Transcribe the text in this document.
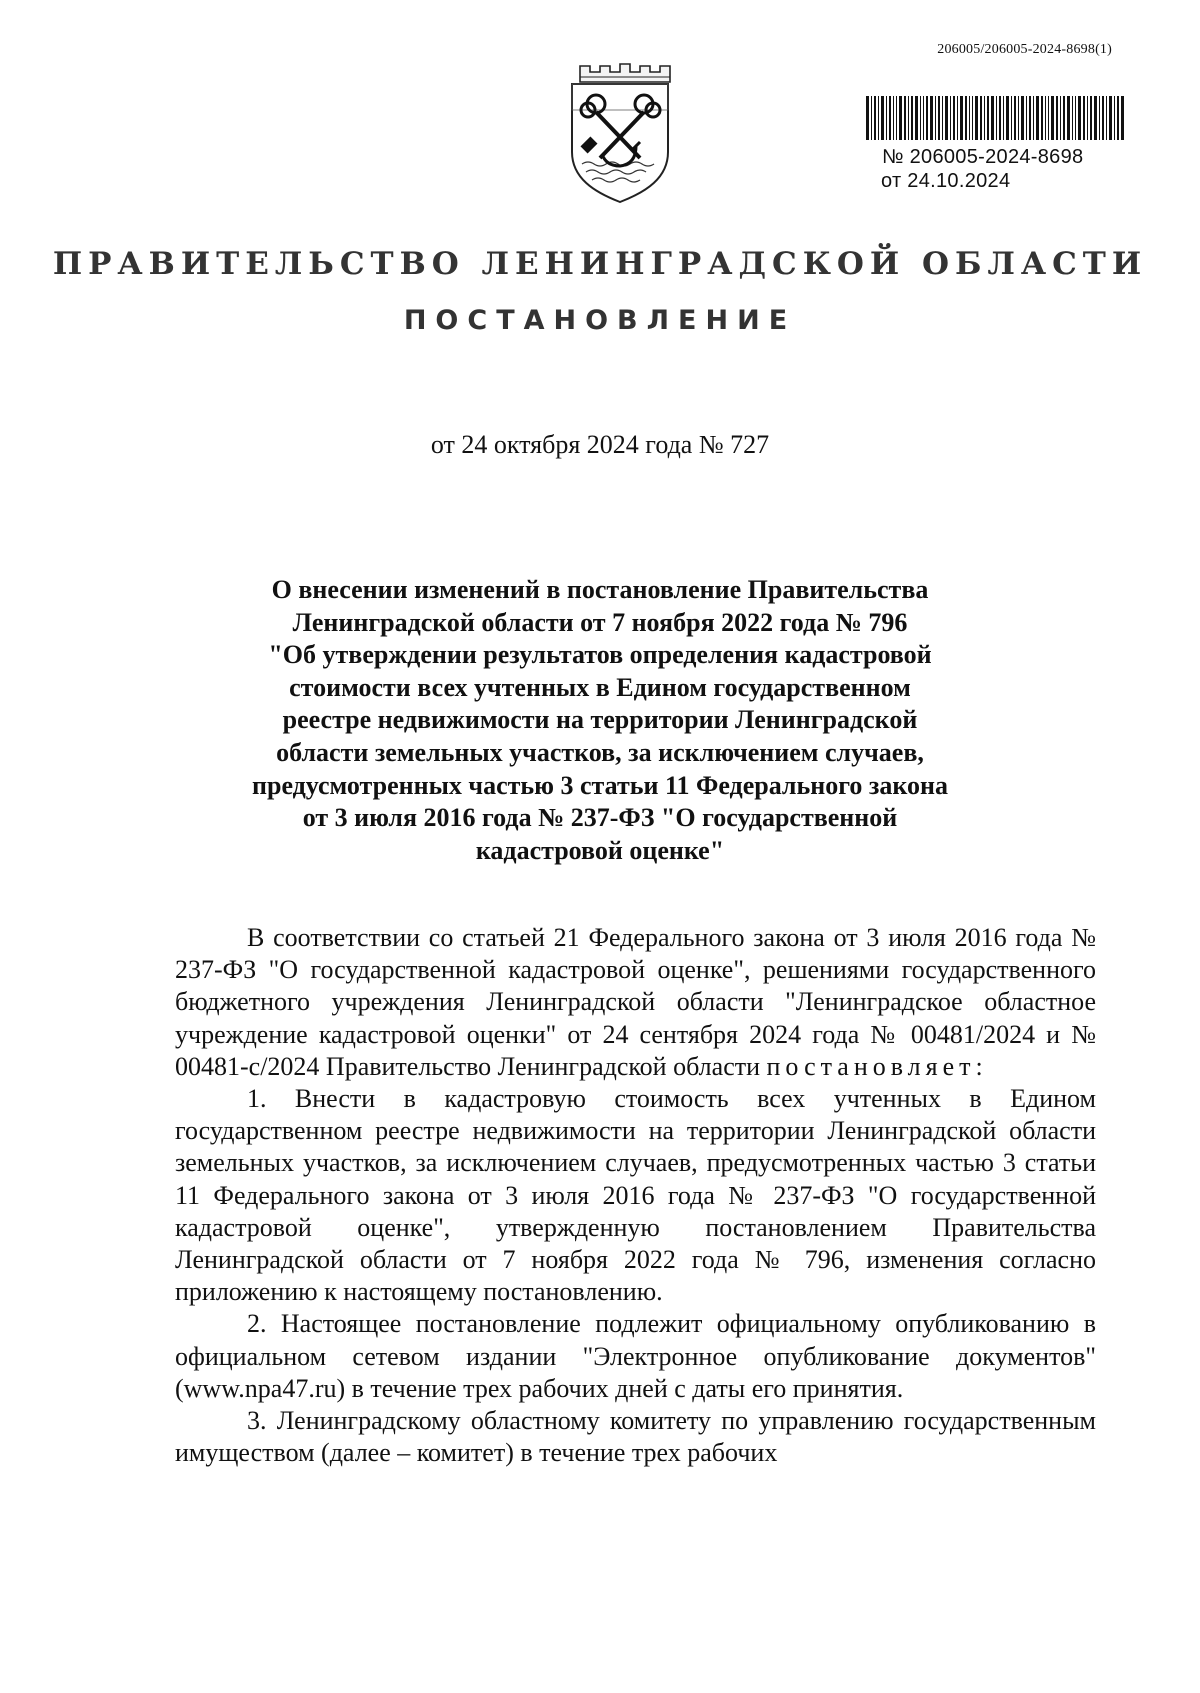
206005/206005-2024-8698(1)
№ 206005-2024-8698
от 24.10.2024
ПРАВИТЕЛЬСТВО ЛЕНИНГРАДСКОЙ ОБЛАСТИ
ПОСТАНОВЛЕНИЕ
от 24 октября 2024 года № 727
О внесении изменений в постановление Правительства
Ленинградской области от 7 ноября 2022 года № 796
"Об утверждении результатов определения кадастровой
стоимости всех учтенных в Едином государственном
реестре недвижимости на территории Ленинградской
области земельных участков, за исключением случаев,
предусмотренных частью 3 статьи 11 Федерального закона
от 3 июля 2016 года № 237-ФЗ "О государственной
кадастровой оценке"

В соответствии со статьей 21 Федерального закона от 3 июля 2016 года № 237-ФЗ "О государственной кадастровой оценке", решениями государственного бюджетного учреждения Ленинградской области "Ленинградское областное учреждение кадастровой оценки" от 24 сентября 2024 года № 00481/2024 и № 00481-с/2024 Правительство Ленинградской области постановляет:

1. Внести в кадастровую стоимость всех учтенных в Едином государственном реестре недвижимости на территории Ленинградской области земельных участков, за исключением случаев, предусмотренных частью 3 статьи 11 Федерального закона от 3 июля 2016 года № 237-ФЗ "О государственной кадастровой оценке", утвержденную постановлением Правительства Ленинградской области от 7 ноября 2022 года № 796, изменения согласно приложению к настоящему постановлению.

2. Настоящее постановление подлежит официальному опубликованию в официальном сетевом издании "Электронное опубликование документов" (www.npa47.ru) в течение трех рабочих дней с даты его принятия.

3. Ленинградскому областному комитету по управлению государственным имуществом (далее – комитет) в течение трех рабочих
